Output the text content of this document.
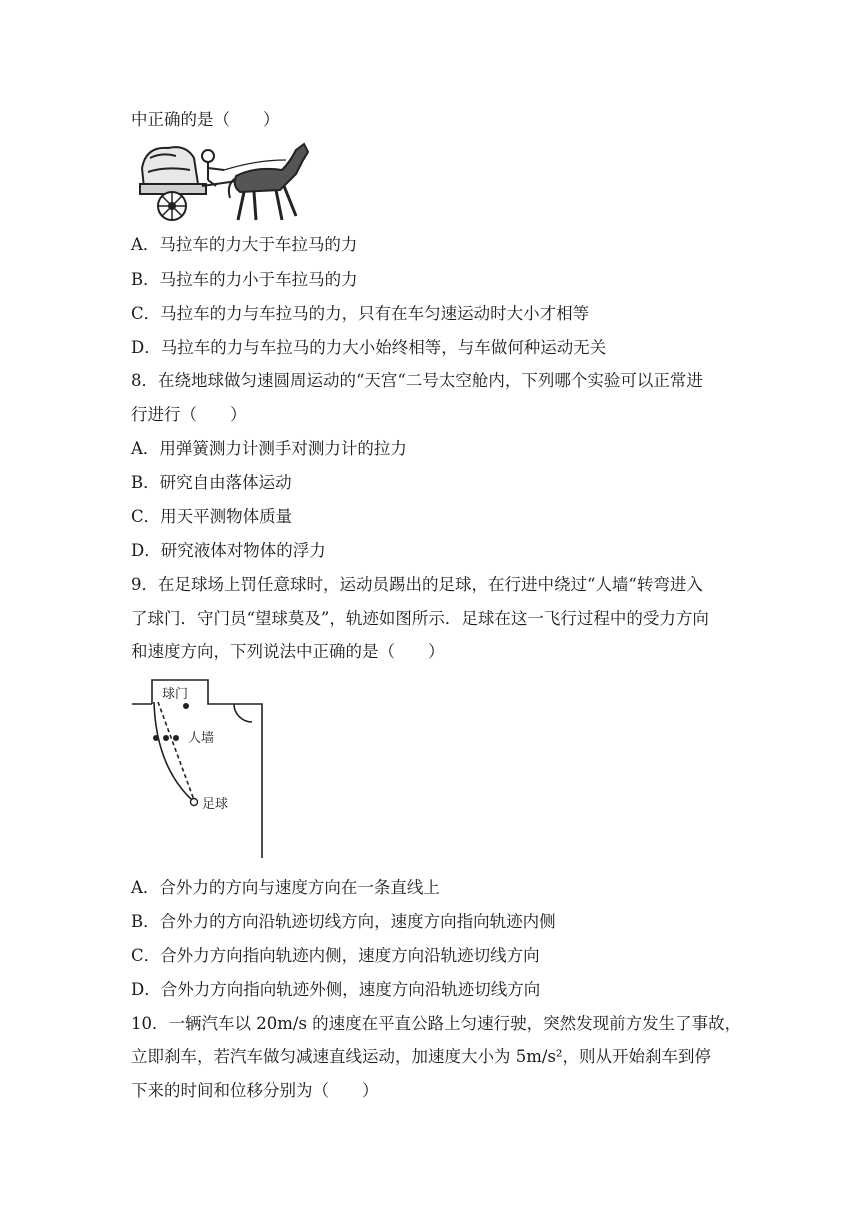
中正确的是（　　）
A．马拉车的力大于车拉马的力
B．马拉车的力小于车拉马的力
C．马拉车的力与车拉马的力，只有在车匀速运动时大小才相等
D．马拉车的力与车拉马的力大小始终相等，与车做何种运动无关
8．在绕地球做匀速圆周运动的“天宫“二号太空舱内，下列哪个实验可以正常进
行进行（　　）
A．用弹簧测力计测手对测力计的拉力
B．研究自由落体运动
C．用天平测物体质量
D．研究液体对物体的浮力
9．在足球场上罚任意球时，运动员踢出的足球，在行进中绕过“人墙“转弯进入
了球门．守门员“望球莫及”，轨迹如图所示．足球在这一飞行过程中的受力方向
和速度方向，下列说法中正确的是（　　）
球门
人墙
足球
A．合外力的方向与速度方向在一条直线上
B．合外力的方向沿轨迹切线方向，速度方向指向轨迹内侧
C．合外力方向指向轨迹内侧，速度方向沿轨迹切线方向
D．合外力方向指向轨迹外侧，速度方向沿轨迹切线方向
10．一辆汽车以 20m/s 的速度在平直公路上匀速行驶，突然发现前方发生了事故，
立即刹车，若汽车做匀减速直线运动，加速度大小为 5m/s²，则从开始刹车到停
下来的时间和位移分别为（　　）
